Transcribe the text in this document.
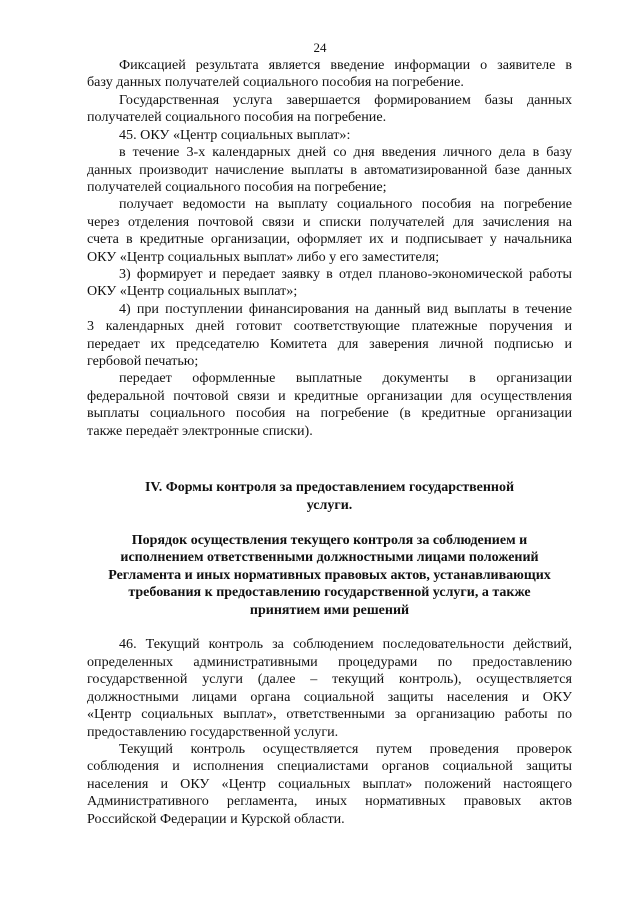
24
Фиксацией результата является введение информации о заявителе в
базу данных получателей социального пособия на погребение.
Государственная услуга завершается формированием базы данных
получателей социального пособия на погребение.
45. ОКУ «Центр социальных выплат»:
в течение 3-х календарных дней со дня введения личного дела в базу
данных производит начисление выплаты в автоматизированной базе данных
получателей социального пособия на погребение;
получает ведомости на выплату социального пособия на погребение
через отделения почтовой связи и списки получателей для зачисления на
счета в кредитные организации, оформляет их и подписывает у начальника
ОКУ «Центр социальных выплат» либо у его заместителя;
3) формирует и передает заявку в отдел планово-экономической работы
ОКУ «Центр социальных выплат»;
4) при поступлении финансирования на данный вид выплаты в течение
3 календарных дней готовит соответствующие платежные поручения и
передает их председателю Комитета для заверения личной подписью и
гербовой печатью;
передает оформленные выплатные документы в организации
федеральной почтовой связи и кредитные организации для осуществления
выплаты социального пособия на погребение (в кредитные организации
также передаёт электронные списки).
IV. Формы контроля за предоставлением государственной
услуги.
Порядок осуществления текущего контроля за соблюдением и
исполнением ответственными должностными лицами положений
Регламента и иных нормативных правовых актов, устанавливающих
требования к предоставлению государственной услуги, а также
принятием ими решений
46. Текущий контроль за соблюдением последовательности действий,
определенных административными процедурами по предоставлению
государственной услуги (далее – текущий контроль), осуществляется
должностными лицами органа социальной защиты населения и ОКУ
«Центр социальных выплат», ответственными за организацию работы по
предоставлению государственной услуги.
Текущий контроль осуществляется путем проведения проверок
соблюдения и исполнения специалистами органов социальной защиты
населения и ОКУ «Центр социальных выплат» положений настоящего
Административного регламента, иных нормативных правовых актов
Российской Федерации и Курской области.
